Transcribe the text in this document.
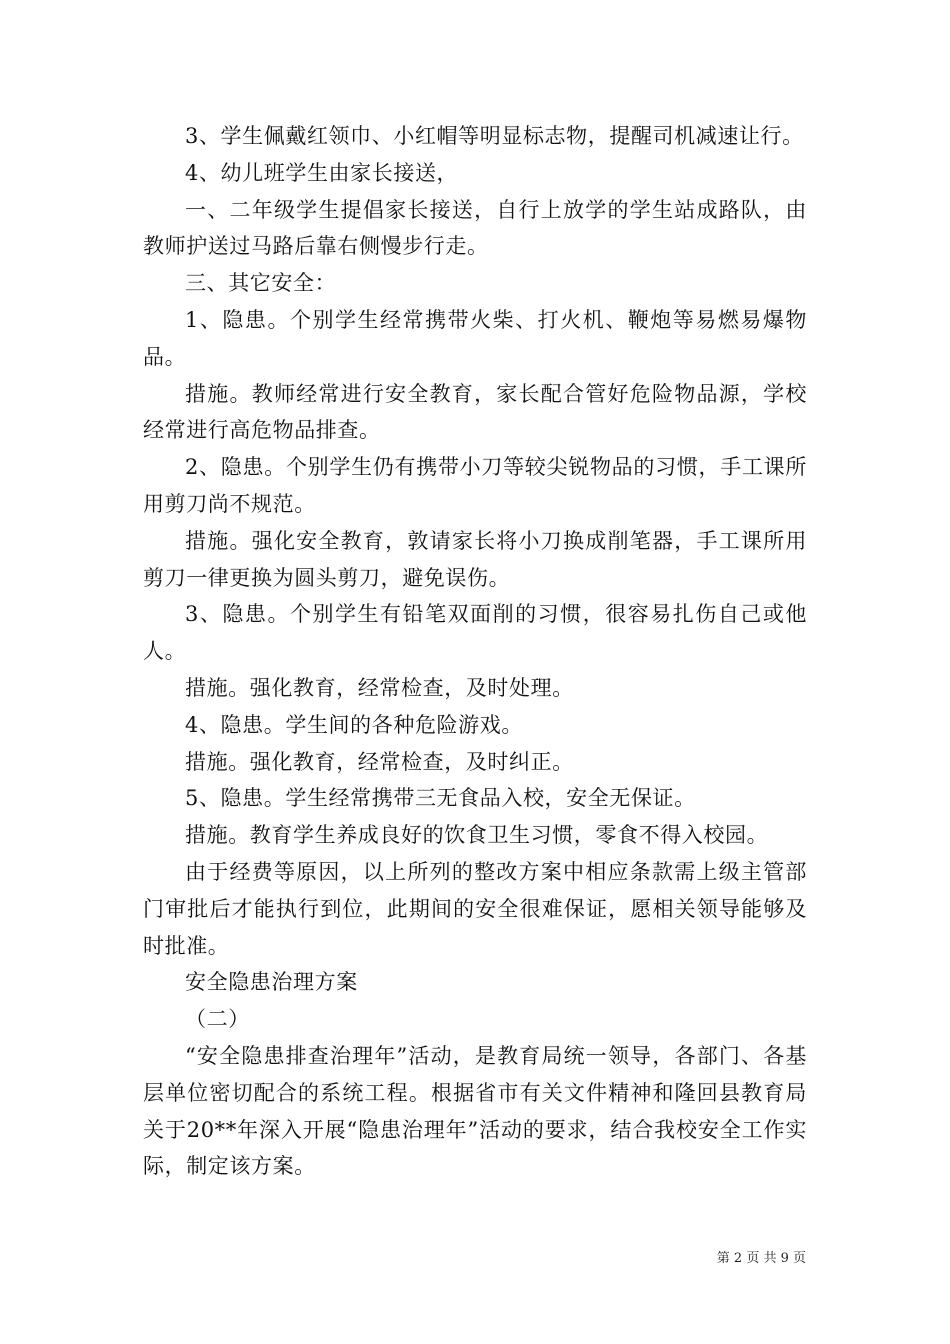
3、学生佩戴红领巾、小红帽等明显标志物，提醒司机减速让行。

4、幼儿班学生由家长接送，

一、二年级学生提倡家长接送，自行上放学的学生站成路队，由教师护送过马路后靠右侧慢步行走。

三、其它安全：

1、隐患。个别学生经常携带火柴、打火机、鞭炮等易燃易爆物品。

措施。教师经常进行安全教育，家长配合管好危险物品源，学校经常进行高危物品排查。

2、隐患。个别学生仍有携带小刀等较尖锐物品的习惯，手工课所用剪刀尚不规范。

措施。强化安全教育，敦请家长将小刀换成削笔器，手工课所用剪刀一律更换为圆头剪刀，避免误伤。

3、隐患。个别学生有铅笔双面削的习惯，很容易扎伤自己或他人。

措施。强化教育，经常检查，及时处理。

4、隐患。学生间的各种危险游戏。

措施。强化教育，经常检查，及时纠正。

5、隐患。学生经常携带三无食品入校，安全无保证。

措施。教育学生养成良好的饮食卫生习惯，零食不得入校园。

由于经费等原因，以上所列的整改方案中相应条款需上级主管部门审批后才能执行到位，此期间的安全很难保证，愿相关领导能够及时批准。

安全隐患治理方案

（二）

“安全隐患排查治理年”活动，是教育局统一领导，各部门、各基层单位密切配合的系统工程。根据省市有关文件精神和隆回县教育局关于20**年深入开展“隐患治理年”活动的要求，结合我校安全工作实际，制定该方案。

第 2 页 共 9 页
